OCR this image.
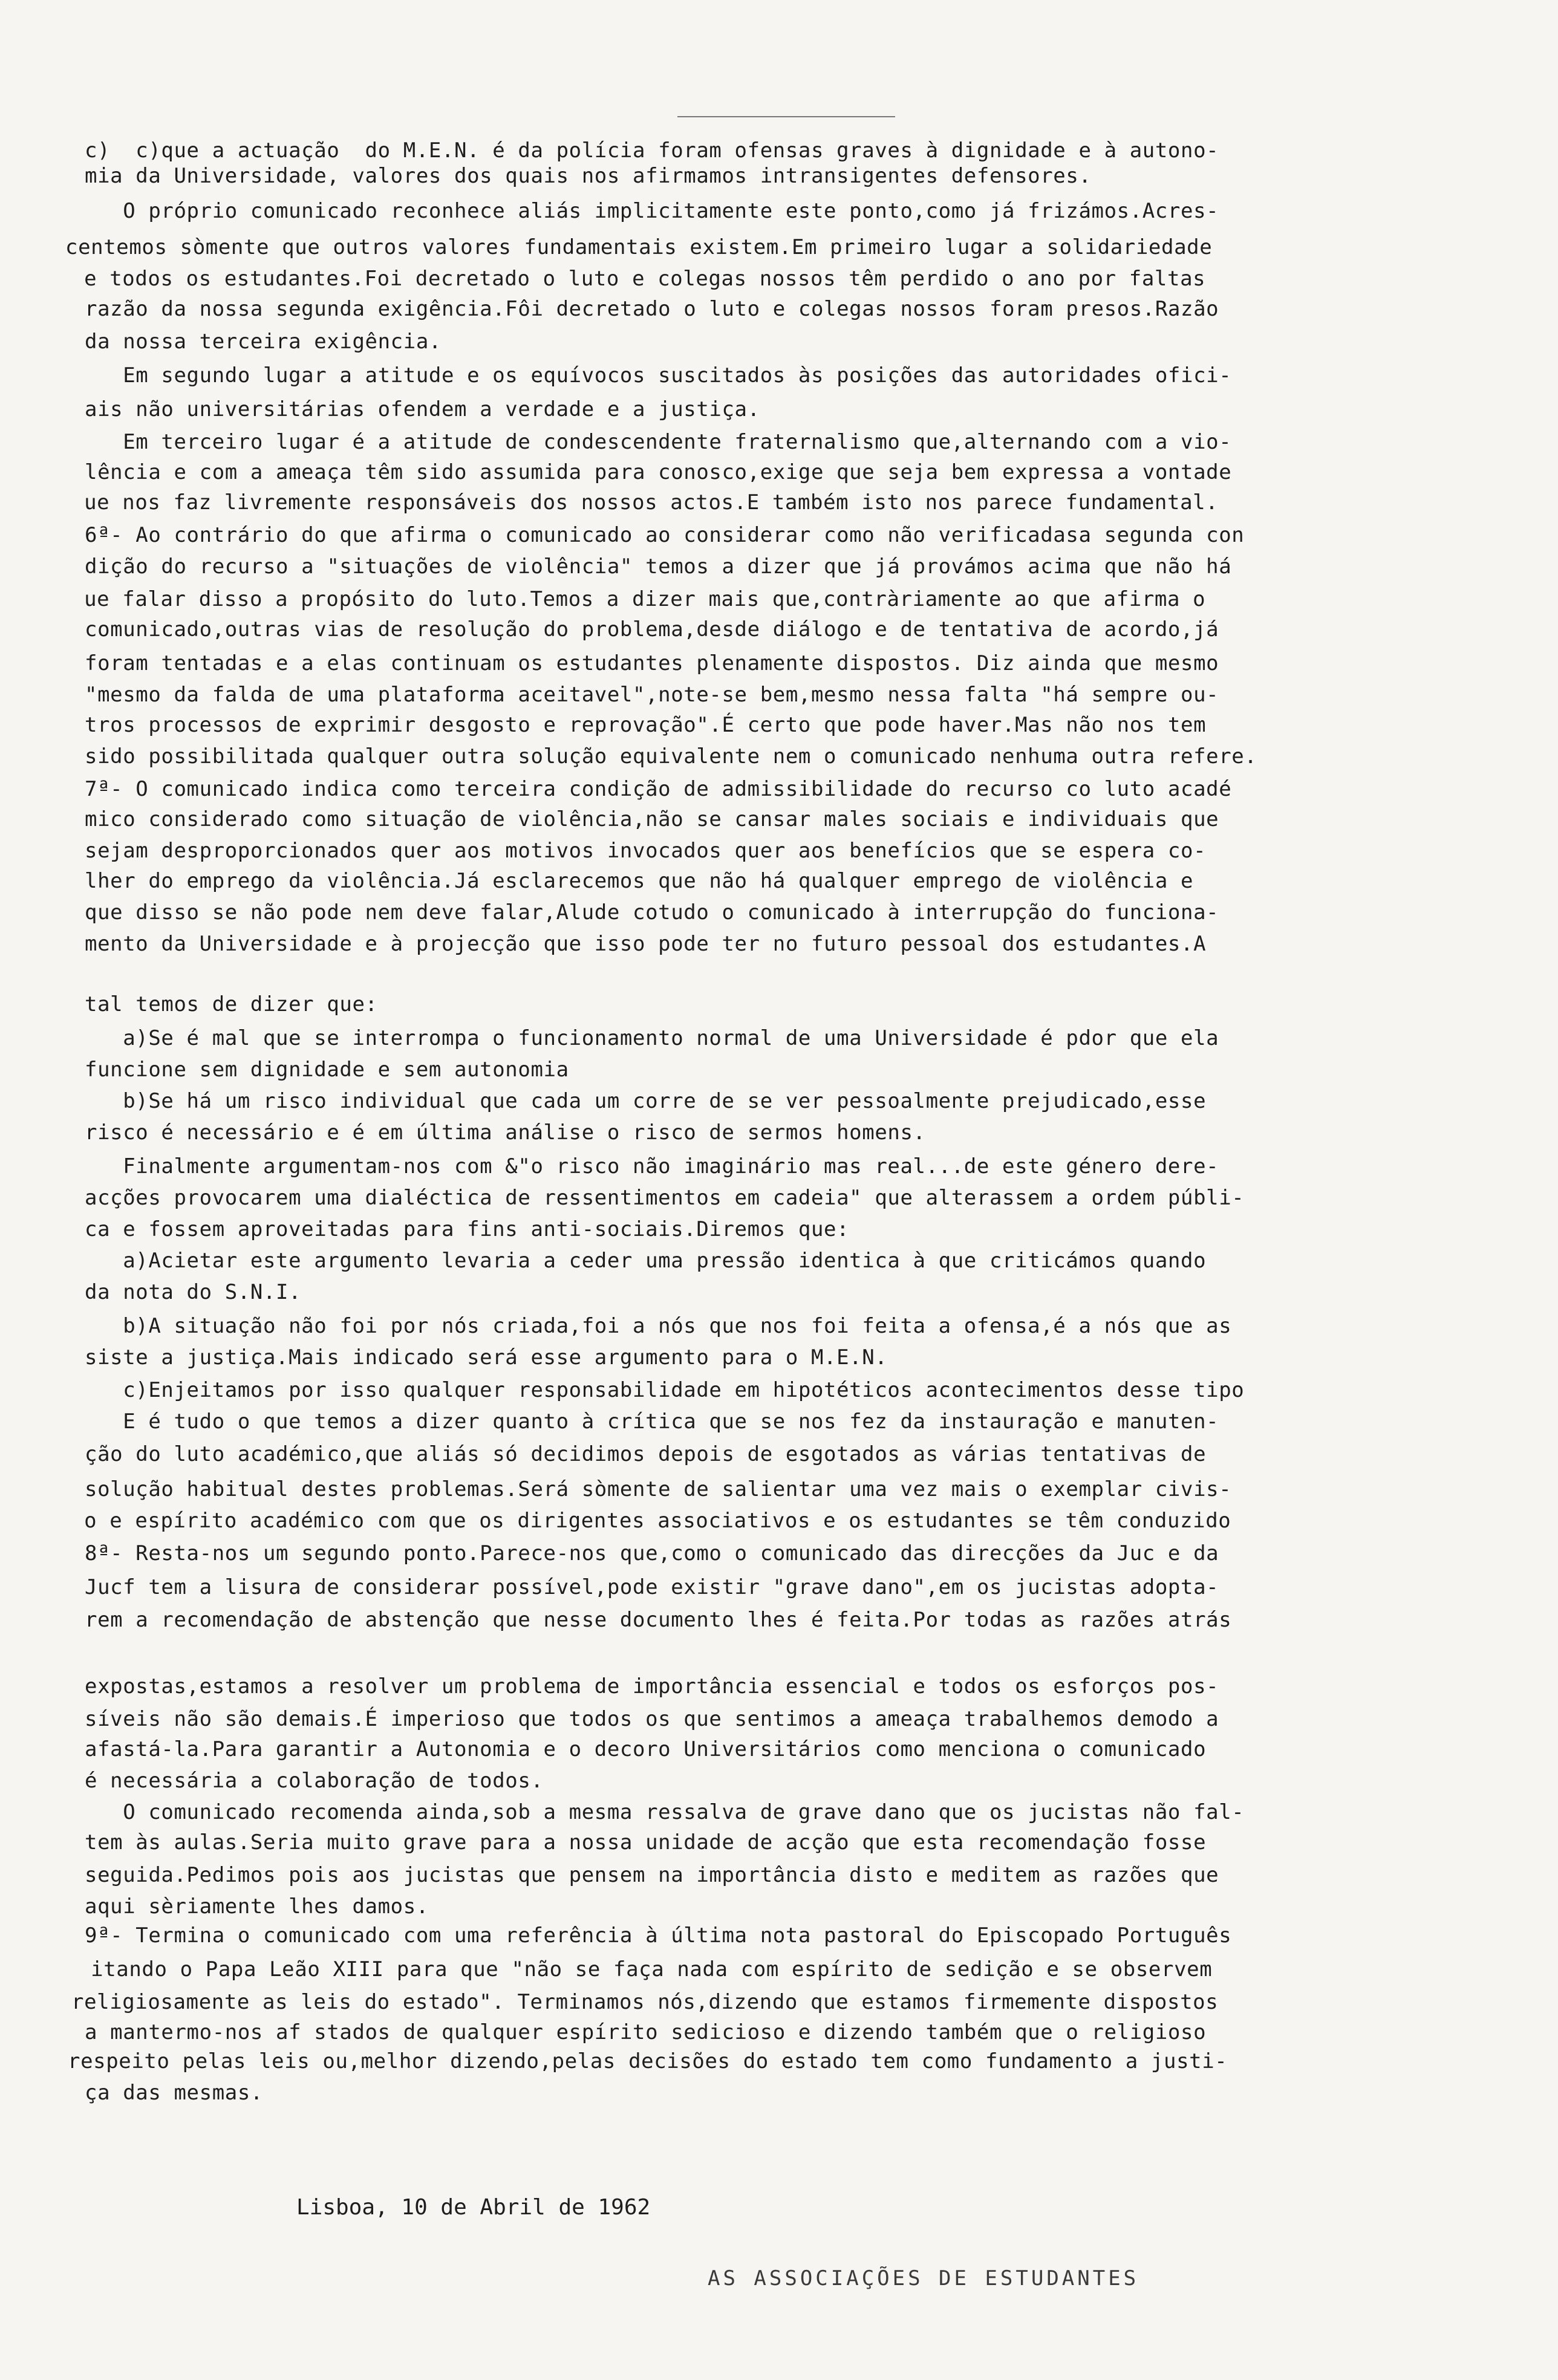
c)  c)que a actuação  do M.E.N. é da polícia foram ofensas graves à dignidade e à autono-
mia da Universidade, valores dos quais nos afirmamos intransigentes defensores.
O próprio comunicado reconhece aliás implicitamente este ponto,como já frizámos.Acres-
centemos sòmente que outros valores fundamentais existem.Em primeiro lugar a solidariedade
e todos os estudantes.Foi decretado o luto e colegas nossos têm perdido o ano por faltas
razão da nossa segunda exigência.Fôi decretado o luto e colegas nossos foram presos.Razão
da nossa terceira exigência.
Em segundo lugar a atitude e os equívocos suscitados às posições das autoridades ofici-
ais não universitárias ofendem a verdade e a justiça.
Em terceiro lugar é a atitude de condescendente fraternalismo que,alternando com a vio-
lência e com a ameaça têm sido assumida para conosco,exige que seja bem expressa a vontade
ue nos faz livremente responsáveis dos nossos actos.E também isto nos parece fundamental.
6ª- Ao contrário do que afirma o comunicado ao considerar como não verificadasa segunda con
dição do recurso a "situações de violência" temos a dizer que já provámos acima que não há
ue falar disso a propósito do luto.Temos a dizer mais que,contràriamente ao que afirma o
comunicado,outras vias de resolução do problema,desde diálogo e de tentativa de acordo,já
foram tentadas e a elas continuam os estudantes plenamente dispostos. Diz ainda que mesmo
"mesmo da falda de uma plataforma aceitavel",note-se bem,mesmo nessa falta "há sempre ou-
tros processos de exprimir desgosto e reprovação".É certo que pode haver.Mas não nos tem
sido possibilitada qualquer outra solução equivalente nem o comunicado nenhuma outra refere.
7ª- O comunicado indica como terceira condição de admissibilidade do recurso co luto acadé
mico considerado como situação de violência,não se cansar males sociais e individuais que
sejam desproporcionados quer aos motivos invocados quer aos benefícios que se espera co-
lher do emprego da violência.Já esclarecemos que não há qualquer emprego de violência e
que disso se não pode nem deve falar,Alude cotudo o comunicado à interrupção do funciona-
mento da Universidade e à projecção que isso pode ter no futuro pessoal dos estudantes.A
tal temos de dizer que:
a)Se é mal que se interrompa o funcionamento normal de uma Universidade é pdor que ela
funcione sem dignidade e sem autonomia
b)Se há um risco individual que cada um corre de se ver pessoalmente prejudicado,esse
risco é necessário e é em última análise o risco de sermos homens.
Finalmente argumentam-nos com &"o risco não imaginário mas real...de este género dere-
acções provocarem uma dialéctica de ressentimentos em cadeia" que alterassem a ordem públi-
ca e fossem aproveitadas para fins anti-sociais.Diremos que:
a)Acietar este argumento levaria a ceder uma pressão identica à que criticámos quando
da nota do S.N.I.
b)A situação não foi por nós criada,foi a nós que nos foi feita a ofensa,é a nós que as
siste a justiça.Mais indicado será esse argumento para o M.E.N.
c)Enjeitamos por isso qualquer responsabilidade em hipotéticos acontecimentos desse tipo
E é tudo o que temos a dizer quanto à crítica que se nos fez da instauração e manuten-
ção do luto académico,que aliás só decidimos depois de esgotados as várias tentativas de
solução habitual destes problemas.Será sòmente de salientar uma vez mais o exemplar civis-
o e espírito académico com que os dirigentes associativos e os estudantes se têm conduzido
8ª- Resta-nos um segundo ponto.Parece-nos que,como o comunicado das direcções da Juc e da
Jucf tem a lisura de considerar possível,pode existir "grave dano",em os jucistas adopta-
rem a recomendação de abstenção que nesse documento lhes é feita.Por todas as razões atrás
expostas,estamos a resolver um problema de importância essencial e todos os esforços pos-
síveis não são demais.É imperioso que todos os que sentimos a ameaça trabalhemos demodo a
afastá-la.Para garantir a Autonomia e o decoro Universitários como menciona o comunicado
é necessária a colaboração de todos.
O comunicado recomenda ainda,sob a mesma ressalva de grave dano que os jucistas não fal-
tem às aulas.Seria muito grave para a nossa unidade de acção que esta recomendação fosse
seguida.Pedimos pois aos jucistas que pensem na importância disto e meditem as razões que
aqui sèriamente lhes damos.
9ª- Termina o comunicado com uma referência à última nota pastoral do Episcopado Português
itando o Papa Leão XIII para que "não se faça nada com espírito de sedição e se observem
religiosamente as leis do estado". Terminamos nós,dizendo que estamos firmemente dispostos
a mantermo-nos af stados de qualquer espírito sedicioso e dizendo também que o religioso
respeito pelas leis ou,melhor dizendo,pelas decisões do estado tem como fundamento a justi-
ça das mesmas.
Lisboa, 10 de Abril de 1962
AS ASSOCIAÇÕES DE ESTUDANTES
